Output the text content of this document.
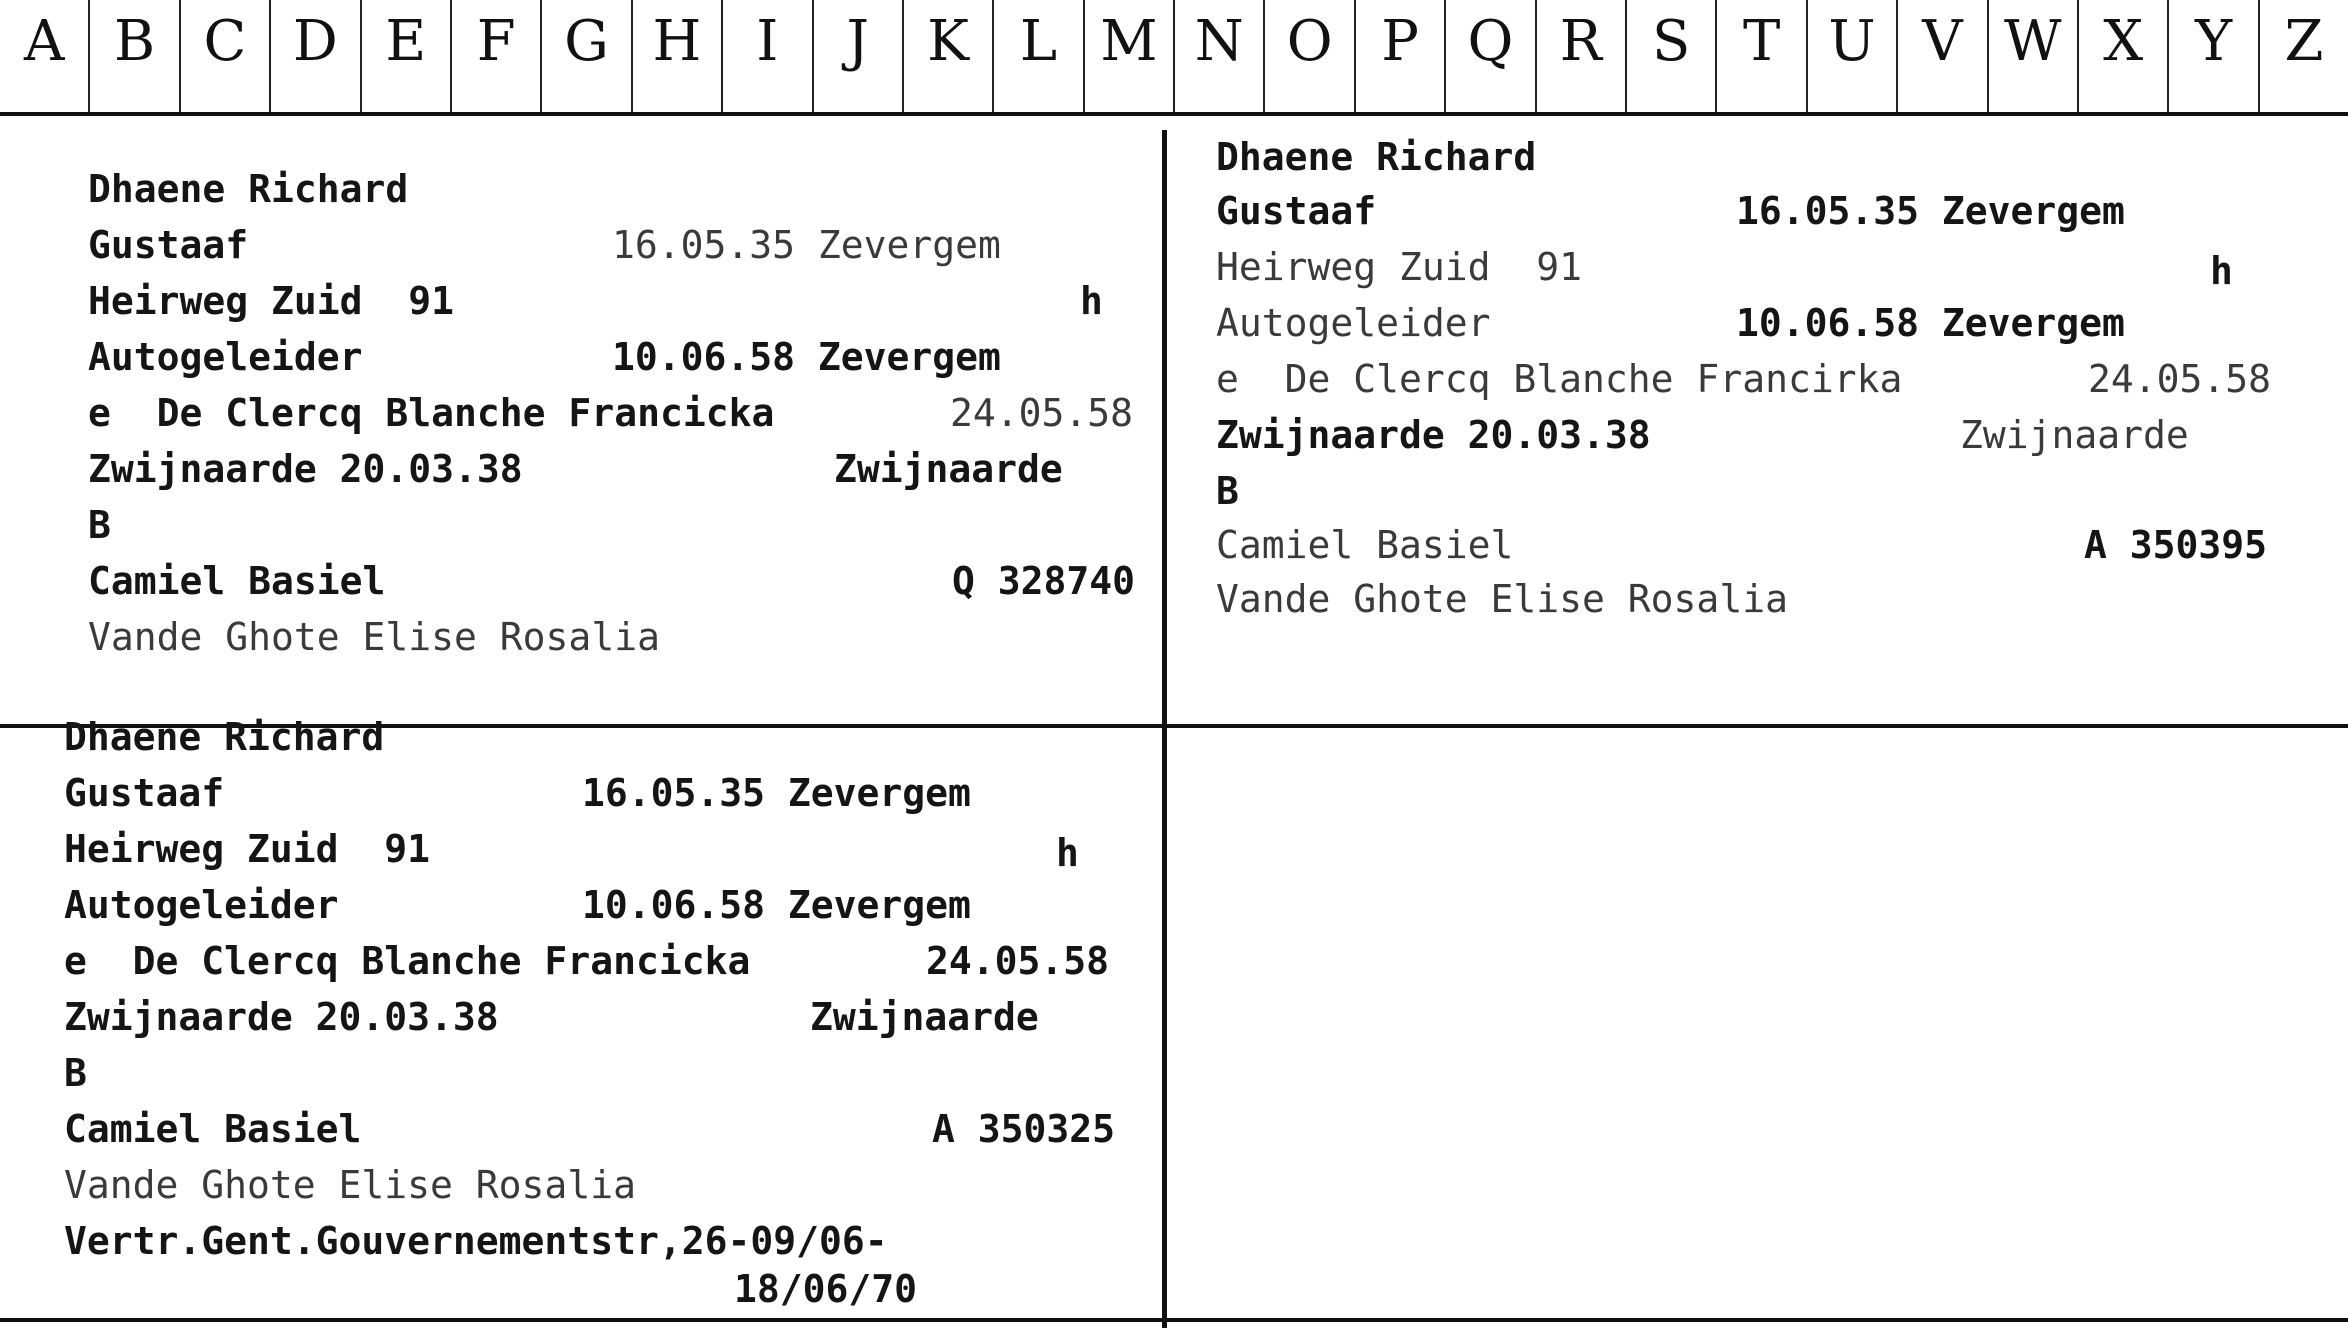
A B C D E F G H I	J	K L M N O P Q R S T U V W X Y Z
Dhaene Richard
Gustaaf	16.05.35 Zevergem
Heirweg Zuid  91	h
Autogeleider	10.06.58 Zevergem
e  De Clercq Blanche Francicka	24.05.58
Zwijnaarde 20.03.38	Zwijnaarde
B
Camiel Basiel	Q 328740
Vande Ghote Elise Rosalia
Dhaene Richard
Gustaaf	16.05.35 Zevergem
Heirweg Zuid  91	h
Autogeleider	10.06.58 Zevergem
e  De Clercq Blanche Francirka	24.05.58
Zwijnaarde 20.03.38	Zwijnaarde
B
Camiel Basiel	A 350395
Vande Ghote Elise Rosalia
Dhaene Richard
Gustaaf	16.05.35 Zevergem
Heirweg Zuid  91	h
Autogeleider	10.06.58 Zevergem
e  De Clercq Blanche Francicka	24.05.58
Zwijnaarde 20.03.38	Zwijnaarde
B
Camiel Basiel	A 350325
Vande Ghote Elise Rosalia
Vertr.Gent.Gouvernementstr,26-09/06-
18/06/70
